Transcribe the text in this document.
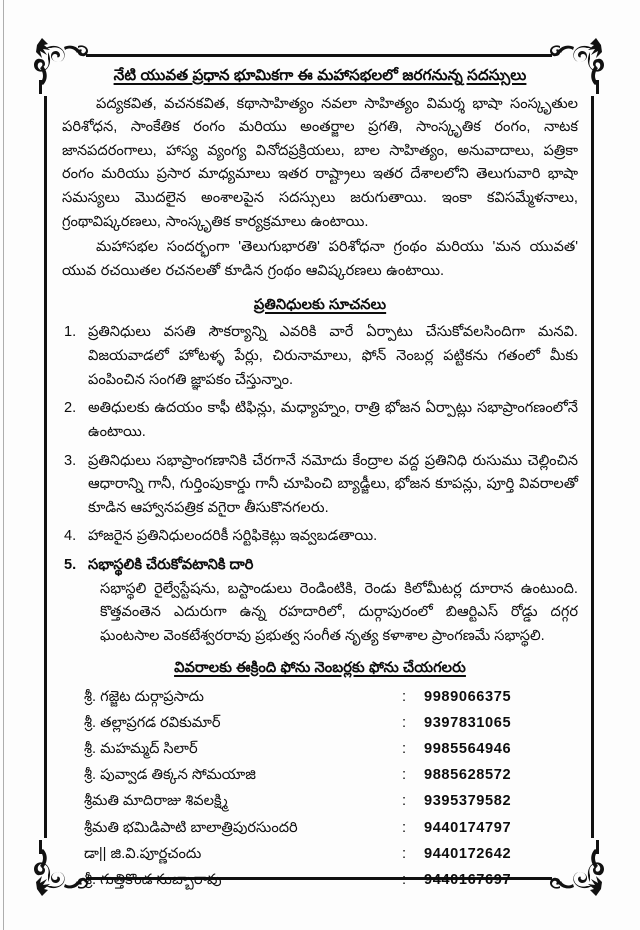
నేటి యువత ప్రధాన భూమికగా ఈ మహాసభలలో జరగనున్న సదస్సులు

పద్యకవిత, వచనకవిత, కథాసాహిత్యం నవలా సాహిత్యం విమర్శ భాషా సంస్కృతుల పరిశోధన, సాంకేతిక రంగం మరియు అంతర్జాల ప్రగతి, సాంస్కృతిక రంగం, నాటక జానపదరంగాలు, హాస్య వ్యంగ్య వినోదప్రక్రియలు, బాల సాహిత్యం, అనువాదాలు, పత్రికా రంగం మరియు ప్రసార మాధ్యమాలు ఇతర రాష్ట్రాలు ఇతర దేశాలలోని తెలుగువారి భాషా సమస్యలు మొదలైన అంశాలపైన సదస్సులు జరుగుతాయి. ఇంకా కవిసమ్మేళనాలు, గ్రంథావిష్కరణలు, సాంస్కృతిక కార్యక్రమాలు ఉంటాయి.

మహాసభల సందర్భంగా 'తెలుగుభారతి' పరిశోధనా గ్రంథం మరియు 'మన యువత' యువ రచయితల రచనలతో కూడిన గ్రంథం ఆవిష్కరణలు ఉంటాయి.

ప్రతినిధులకు సూచనలు
ప్రతినిధులు వసతి సౌకర్యాన్ని ఎవరికి వారే ఏర్పాటు చేసుకోవలసిందిగా మనవి. విజయవాడలో హోటళ్ళ పేర్లు, చిరునామాలు, ఫోన్ నెంబర్ల పట్టికను గతంలో మీకు పంపించిన సంగతి జ్ఞాపకం చేస్తున్నాం.
అతిధులకు ఉదయం కాఫీ టిఫిన్లు, మధ్యాహ్నం, రాత్రి భోజన ఏర్పాట్లు సభాప్రాంగణంలోనే ఉంటాయి.
ప్రతినిధులు సభాప్రాంగణానికి చేరగానే నమోదు కేంద్రాల వద్ద ప్రతినిధి రుసుము చెల్లించిన ఆధారాన్ని గానీ, గుర్తింపుకార్డు గానీ చూపించి బ్యాడ్జీలు, భోజన కూపన్లు, పూర్తి వివరాలతో కూడిన ఆహ్వానపత్రిక వగైరా తీసుకొనగలరు.
హాజరైన ప్రతినిధులందరికీ సర్టిఫికెట్లు ఇవ్వబడతాయి.
సభాస్థలికి చేరుకోవటానికి దారి
సభాస్థలి రైల్వేస్టేషను, బస్టాండులు రెండింటికి, రెండు కిలోమీటర్ల దూరాన ఉంటుంది. కొత్తవంతెన ఎదురుగా ఉన్న రహదారిలో, దుర్గాపురంలో బిఆర్టిఎస్ రోడ్డు దగ్గర ఘంటసాల వెంకటేశ్వరరావు ప్రభుత్వ సంగీత నృత్య కళాశాల ప్రాంగణమే సభాస్థలి.
వివరాలకు ఈక్రింది ఫోను నెంబర్లకు ఫోను చేయగలరు
శ్రీ. గజ్జెట దుర్గాప్రసాదు	:	9989066375
శ్రీ. తల్లాప్రగడ రవికుమార్	:	9397831065
శ్రీ. మహమ్మద్ సిలార్	:	9985564946
శ్రీ. పువ్వాడ తిక్కన సోమయాజి	:	9885628572
శ్రీమతి మాదిరాజు శివలక్ష్మి	:	9395379582
శ్రీమతి భమిడిపాటి బాలాత్రిపురసుందరి	:	9440174797
డా|| జి.వి.పూర్ణచందు	:	9440172642
శ్రీ. గుత్తికొండ సుబ్బారావు	:	9440167697
